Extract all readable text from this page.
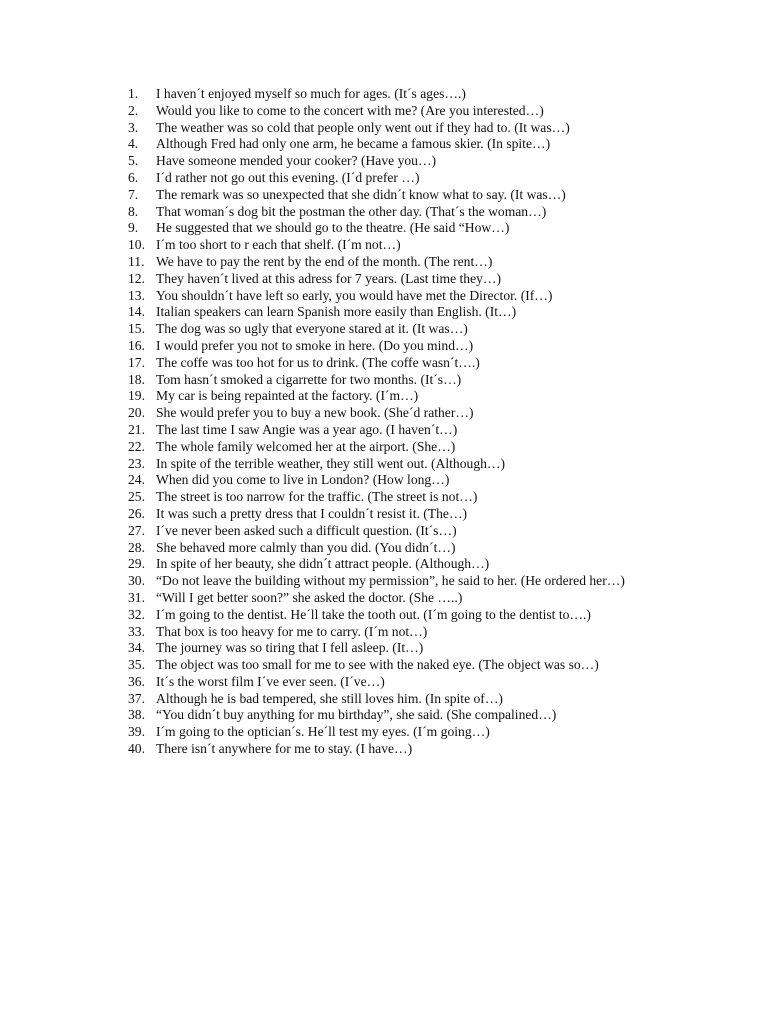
1.	I haven´t enjoyed myself so much for ages. (It´s ages….)
2.	Would you like to come to the concert with me? (Are you interested…)
3.	The weather was so cold that people only went out if they had to. (It was…)
4.	Although Fred had only one arm, he became a famous skier. (In spite…)
5.	Have someone mended your cooker? (Have you…)
6.	I´d rather not go out this evening. (I´d prefer …)
7.	The remark was so unexpected that she didn´t know what to say. (It was…)
8.	That woman´s dog bit the postman the other day. (That´s the woman…)
9.	He suggested that we should go to the theatre. (He said “How…)
10. I´m too short to r each that shelf. (I´m not…)
11. We have to pay the rent by the end of the month. (The rent…)
12. They haven´t lived at this adress for 7 years. (Last time they…)
13. You shouldn´t have left so early, you would have met the Director. (If…)
14. Italian speakers can learn Spanish more easily than English. (It…)
15. The dog was so ugly that everyone stared at it. (It was…)
16. I would prefer you not to smoke in here. (Do you mind…)
17. The coffe was too hot for us to drink. (The coffe wasn´t….)
18. Tom hasn´t smoked a cigarrette for two months. (It´s…)
19. My car is being repainted at the factory. (I´m…)
20. She would prefer you to buy a new book. (She´d rather…)
21. The last time I saw Angie was a year ago. (I haven´t…)
22. The whole family welcomed her at the airport. (She…)
23. In spite of the terrible weather, they still went out. (Although…)
24. When did you come to live in London? (How long…)
25. The street is too narrow for the traffic. (The street is not…)
26. It was such a pretty dress that I couldn´t resist it. (The…)
27. I´ve never been asked such a difficult question. (It´s…)
28. She behaved more calmly than you did. (You didn´t…)
29. In spite of her beauty, she didn´t attract people. (Although…)
30. “Do not leave the building without my permission”, he said to her. (He ordered her…)
31. “Will I get better soon?” she asked the doctor. (She …..)
32. I´m going to the dentist. He´ll take the tooth out. (I´m going to the dentist to….)
33. That box is too heavy for me to carry. (I´m not…)
34. The journey was so tiring that I fell asleep. (It…)
35. The object was too small for me to see with the naked eye. (The object was so…)
36. It´s the worst film I´ve ever seen. (I´ve…)
37. Although he is bad tempered, she still loves him. (In spite of…)
38. “You didn´t buy anything for mu birthday”, she said. (She compalined…)
39. I´m going to the optician´s. He´ll test my eyes. (I´m going…)
40. There isn´t anywhere for me to stay. (I have…)
